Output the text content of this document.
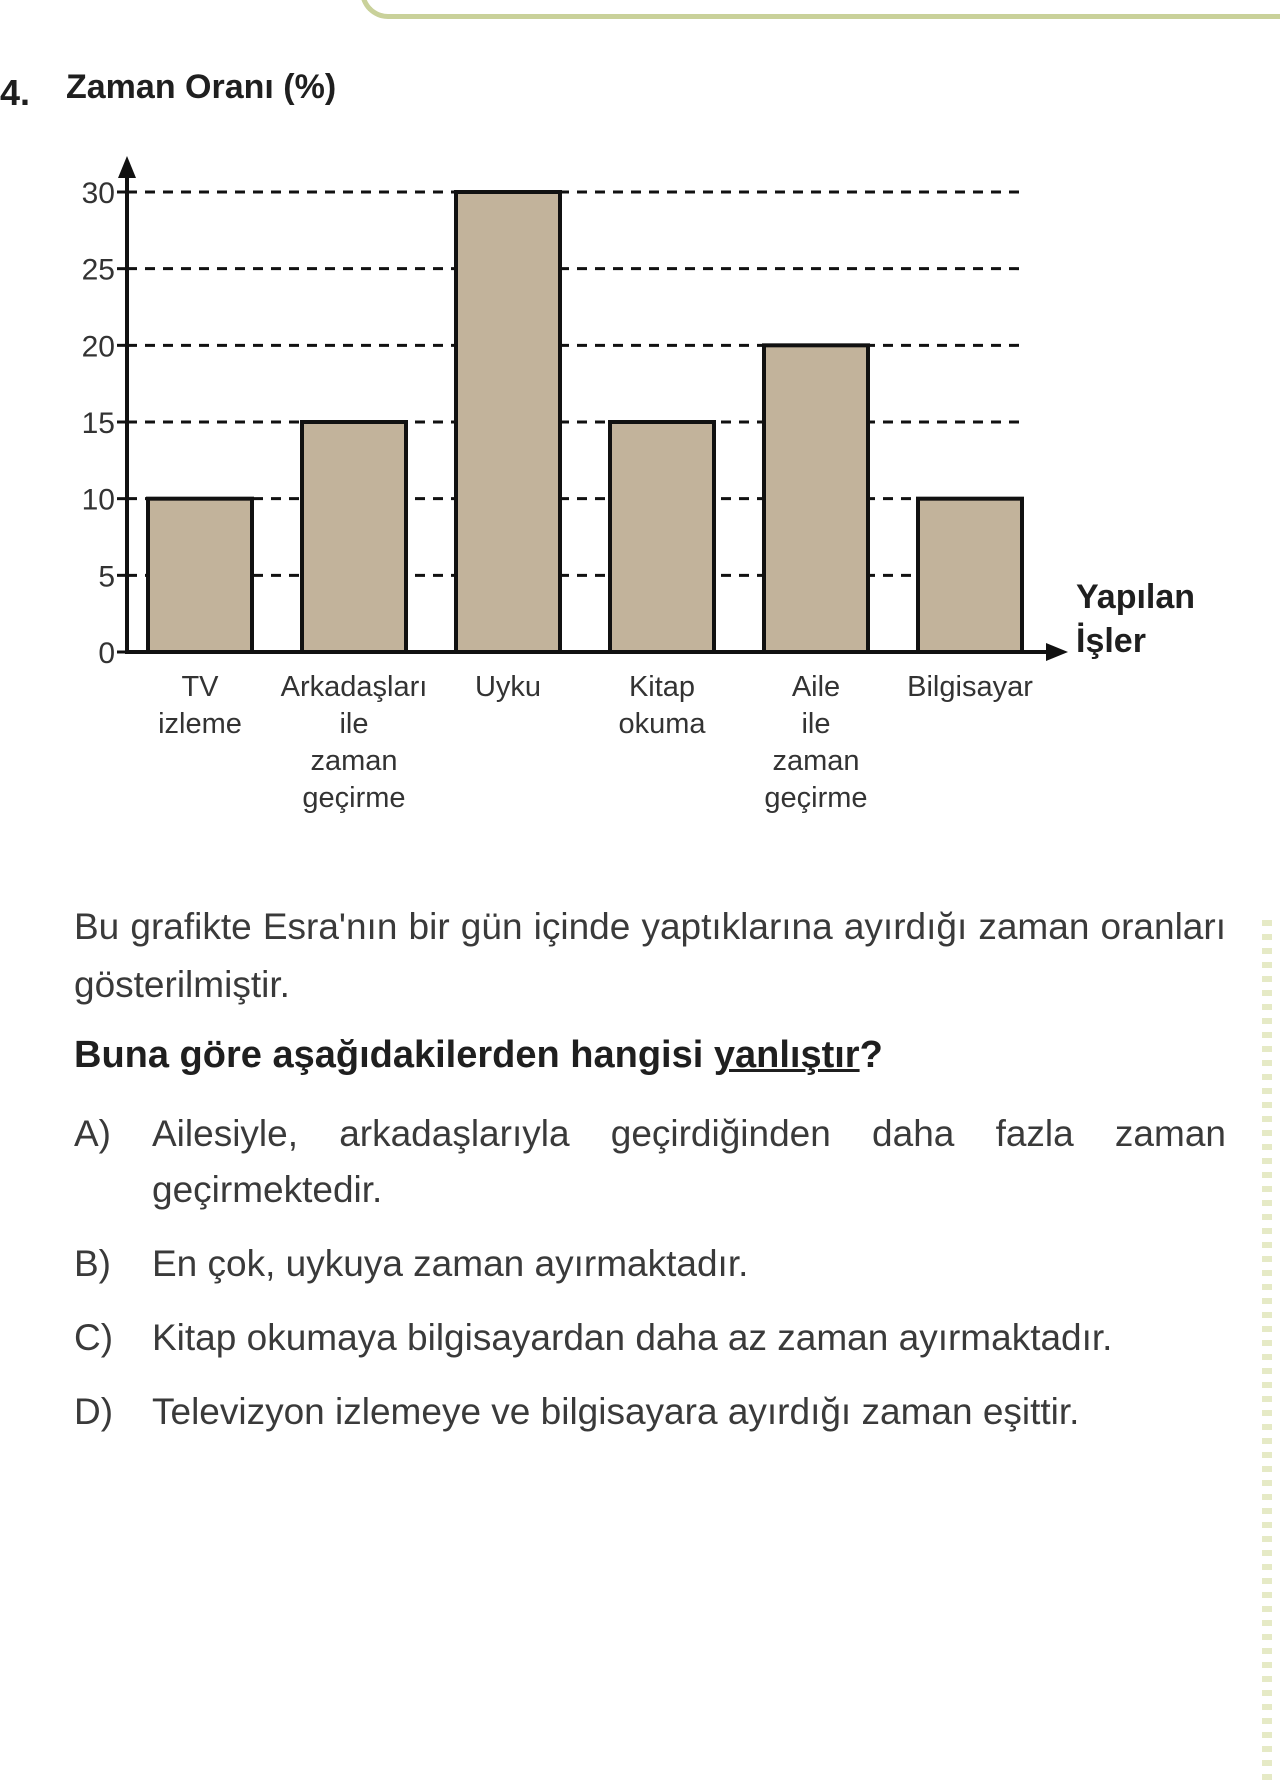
4.
0
5
10
15
20
25
30
Zaman Oranı (%)
Yapılan
İşler
TV
izleme
Arkadaşları
ile
zaman
geçirme
Uyku	Kitap
okuma
Aile
ile
zaman
geçirme
Bilgisayar
Bu grafikte Esra'nın bir gün içinde yaptıklarına ayırdığı zaman oranları gösterilmiştir.
Buna göre aşağıdakilerden hangisi yanlıştır?
A)	Ailesiyle, arkadaşlarıyla geçirdiğinden daha fazla zaman geçirmektedir.
B)	En çok, uykuya zaman ayırmaktadır.
C)	Kitap okumaya bilgisayardan daha az zaman ayırmaktadır.
D)	Televizyon izlemeye ve bilgisayara ayırdığı zaman eşittir.
